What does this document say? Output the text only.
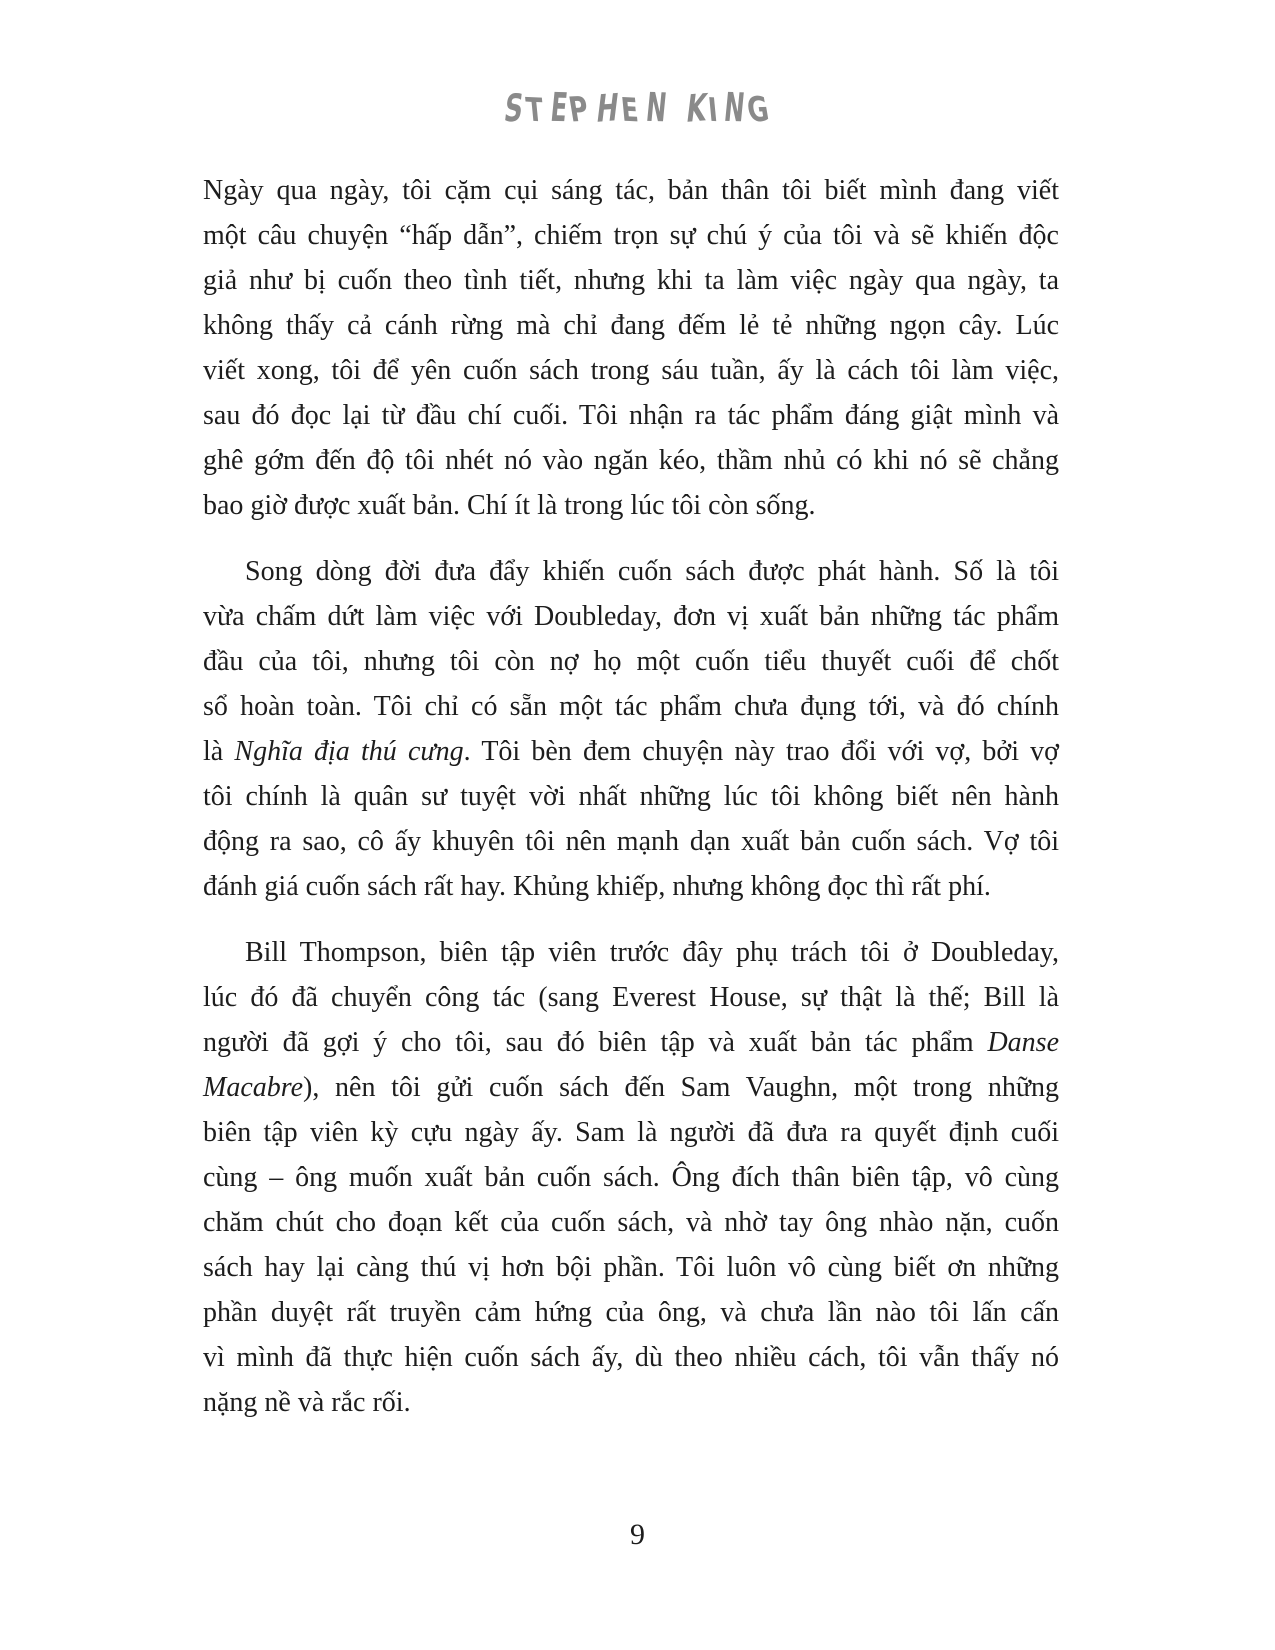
S
T E
P H
E N
K
I N
G
Ngày qua ngày, tôi cặm cụi sáng tác, bản thân tôi biết mình đang viết
một câu chuyện “hấp dẫn”, chiếm trọn sự chú ý của tôi và sẽ khiến độc
giả như bị cuốn theo tình tiết, nhưng khi ta làm việc ngày qua ngày, ta
không thấy cả cánh rừng mà chỉ đang đếm lẻ tẻ những ngọn cây. Lúc
viết xong, tôi để yên cuốn sách trong sáu tuần, ấy là cách tôi làm việc,
sau đó đọc lại từ đầu chí cuối. Tôi nhận ra tác phẩm đáng giật mình và
ghê gớm đến độ tôi nhét nó vào ngăn kéo, thầm nhủ có khi nó sẽ chẳng
bao giờ được xuất bản. Chí ít là trong lúc tôi còn sống.
Song dòng đời đưa đẩy khiến cuốn sách được phát hành. Số là tôi
vừa chấm dứt làm việc với Doubleday, đơn vị xuất bản những tác phẩm
đầu của tôi, nhưng tôi còn nợ họ một cuốn tiểu thuyết cuối để chốt
sổ hoàn toàn. Tôi chỉ có sẵn một tác phẩm chưa đụng tới, và đó chính
là Nghĩa địa thú cưng. Tôi bèn đem chuyện này trao đổi với vợ, bởi vợ
tôi chính là quân sư tuyệt vời nhất những lúc tôi không biết nên hành
động ra sao, cô ấy khuyên tôi nên mạnh dạn xuất bản cuốn sách. Vợ tôi
đánh giá cuốn sách rất hay. Khủng khiếp, nhưng không đọc thì rất phí.
Bill Thompson, biên tập viên trước đây phụ trách tôi ở Doubleday,
lúc đó đã chuyển công tác (sang Everest House, sự thật là thế; Bill là
người đã gợi ý cho tôi, sau đó biên tập và xuất bản tác phẩm Danse
Macabre), nên tôi gửi cuốn sách đến Sam Vaughn, một trong những
biên tập viên kỳ cựu ngày ấy. Sam là người đã đưa ra quyết định cuối
cùng – ông muốn xuất bản cuốn sách. Ông đích thân biên tập, vô cùng
chăm chút cho đoạn kết của cuốn sách, và nhờ tay ông nhào nặn, cuốn
sách hay lại càng thú vị hơn bội phần. Tôi luôn vô cùng biết ơn những
phần duyệt rất truyền cảm hứng của ông, và chưa lần nào tôi lấn cấn
vì mình đã thực hiện cuốn sách ấy, dù theo nhiều cách, tôi vẫn thấy nó
nặng nề và rắc rối.
9
